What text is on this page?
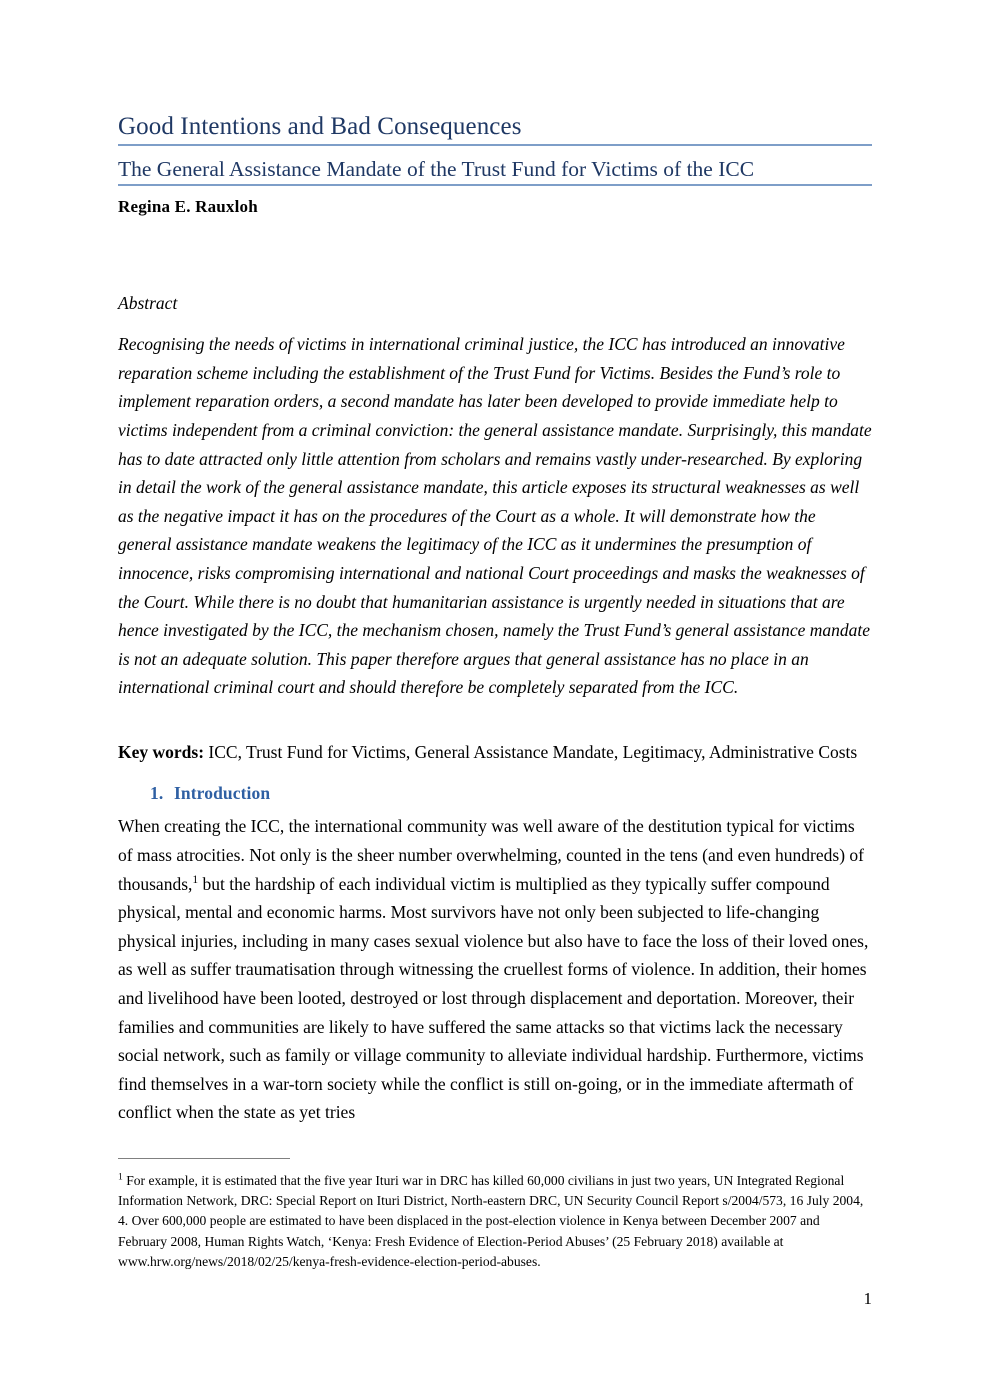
Good Intentions and Bad Consequences
The General Assistance Mandate of the Trust Fund for Victims of the ICC

Regina E. Rauxloh

Abstract

Recognising the needs of victims in international criminal justice, the ICC has introduced an innovative reparation scheme including the establishment of the Trust Fund for Victims. Besides the Fund’s role to implement reparation orders, a second mandate has later been developed to provide immediate help to victims independent from a criminal conviction: the general assistance mandate. Surprisingly, this mandate has to date attracted only little attention from scholars and remains vastly under-researched. By exploring in detail the work of the general assistance mandate, this article exposes its structural weaknesses as well as the negative impact it has on the procedures of the Court as a whole. It will demonstrate how the general assistance mandate weakens the legitimacy of the ICC as it undermines the presumption of innocence, risks compromising international and national Court proceedings and masks the weaknesses of the Court. While there is no doubt that humanitarian assistance is urgently needed in situations that are hence investigated by the ICC, the mechanism chosen, namely the Trust Fund’s general assistance mandate is not an adequate solution. This paper therefore argues that general assistance has no place in an international criminal court and should therefore be completely separated from the ICC.

Key words: ICC, Trust Fund for Victims, General Assistance Mandate, Legitimacy, Administrative Costs

1. Introduction

When creating the ICC, the international community was well aware of the destitution typical for victims of mass atrocities. Not only is the sheer number overwhelming, counted in the tens (and even hundreds) of thousands,$^1$ but the hardship of each individual victim is multiplied as they typically suffer compound physical, mental and economic harms. Most survivors have not only been subjected to life-changing physical injuries, including in many cases sexual violence but also have to face the loss of their loved ones, as well as suffer traumatisation through witnessing the cruellest forms of violence. In addition, their homes and livelihood have been looted, destroyed or lost through displacement and deportation. Moreover, their families and communities are likely to have suffered the same attacks so that victims lack the necessary social network, such as family or village community to alleviate individual hardship. Furthermore, victims find themselves in a war-torn society while the conflict is still on-going, or in the immediate aftermath of conflict when the state as yet tries

$^1$ For example, it is estimated that the five year Ituri war in DRC has killed 60,000 civilians in just two years, UN Integrated Regional Information Network, DRC: Special Report on Ituri District, North-eastern DRC, UN Security Council Report s/2004/573, 16 July 2004, 4. Over 600,000 people are estimated to have been displaced in the post-election violence in Kenya between December 2007 and February 2008, Human Rights Watch, ‘Kenya: Fresh Evidence of Election-Period Abuses’ (25 February 2018) available at www.hrw.org/news/2018/02/25/kenya-fresh-evidence-election-period-abuses.

1
